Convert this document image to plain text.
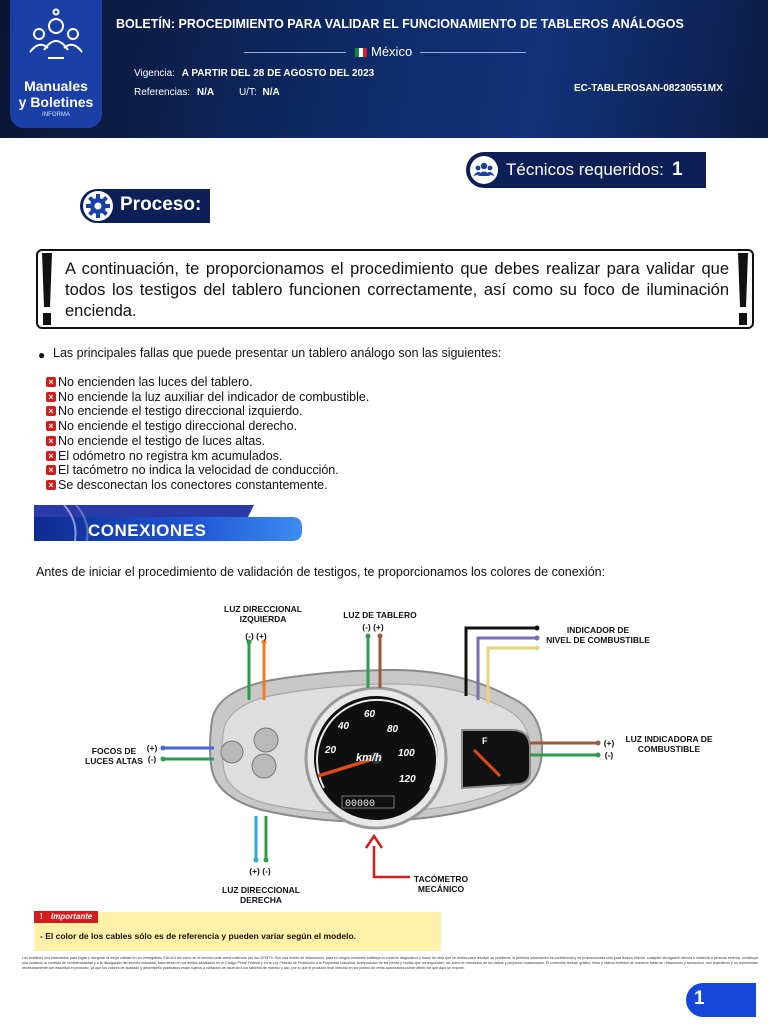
Manuales
y Boletines
INFORMA
BOLETÍN: PROCEDIMIENTO PARA VALIDAR EL FUNCIONAMIENTO DE TABLEROS ANÁLOGOS
México
Vigencia: A PARTIR DEL 28 DE AGOSTO DEL 2023
Referencias: N/A U/T: N/A	EC-TABLEROSAN-08230551MX
Técnicos requeridos: 1
Proceso:
A continuación, te proporcionamos el procedimiento que debes realizar para validar que todos los testigos del tablero funcionen correctamente, así como su foco de iluminación encienda.
● Las principales fallas que puede presentar un tablero análogo son las siguientes:
× No encienden las luces del tablero.
× No enciende la luz auxiliar del indicador de combustible.
× No enciende el testigo direccional izquierdo.
× No enciende el testigo direccional derecho.
× No enciende el testigo de luces altas.
× El odómetro no registra km acumulados.
× El tacómetro no indica la velocidad de conducción.
× Se desconectan los conectores constantemente.
CONEXIONES
Antes de iniciar el procedimiento de validación de testigos, te proporcionamos los colores de conexión:
20
40
60
80
100
120
km/h
00000
F
LUZ DIRECCIONAL
IZQUIERDA
(-) (+)
LUZ DE TABLERO
(-) (+)	INDICADOR DE
NIVEL DE COMBUSTIBLE
FOCOS DE
LUCES ALTAS
(+)
(-)
(+)
(-)
LUZ INDICADORA DE
COMBUSTIBLE
(+) (-)
LUZ DIRECCIONAL
DERECHA
TACÓMETRO
MECÁNICO
! Importante
- El color de los cables sólo es de referencia y pueden variar según el modelo.
Los boletines son elaborados para lograr y asegurar la mejor calidad en los entregables ITALIKA así como en el servicio post-venta realizado por los CESIT's. Son una fuente de información, para en ningún momento sustituye el correcto diagnóstico y mano de obra que se realiza para resolver su problema; la perfecta información es confidencial y es proporcionada sólo para lectura interna, cualquier divulgación directa o indirecta a persona externa, constituye una violación al contrato de confidencialidad y a la divulgación del secreto industrial, incurriendo en los delitos señalados en el Código Penal Federal y en la Ley Federal de Protección a la Propiedad Industrial; la imposición de las penas y multas que correspondan, así como el reembolso de los daños y perjuicios ocasionados. El contenido textual, gráfico, fotos y videos emitidos de nuestros tableros, refacciones y accesorios, son ilustrativos y no representan necesariamente con exactitud el producto, ya que los colores de acabado y desempeño publicados están sujetos a variación de acuerdo a los tableros de manejo o uso, por lo que el producto final ofrecido en los puntos de venta autorizados puede diferir del que aquí se expone.
1
